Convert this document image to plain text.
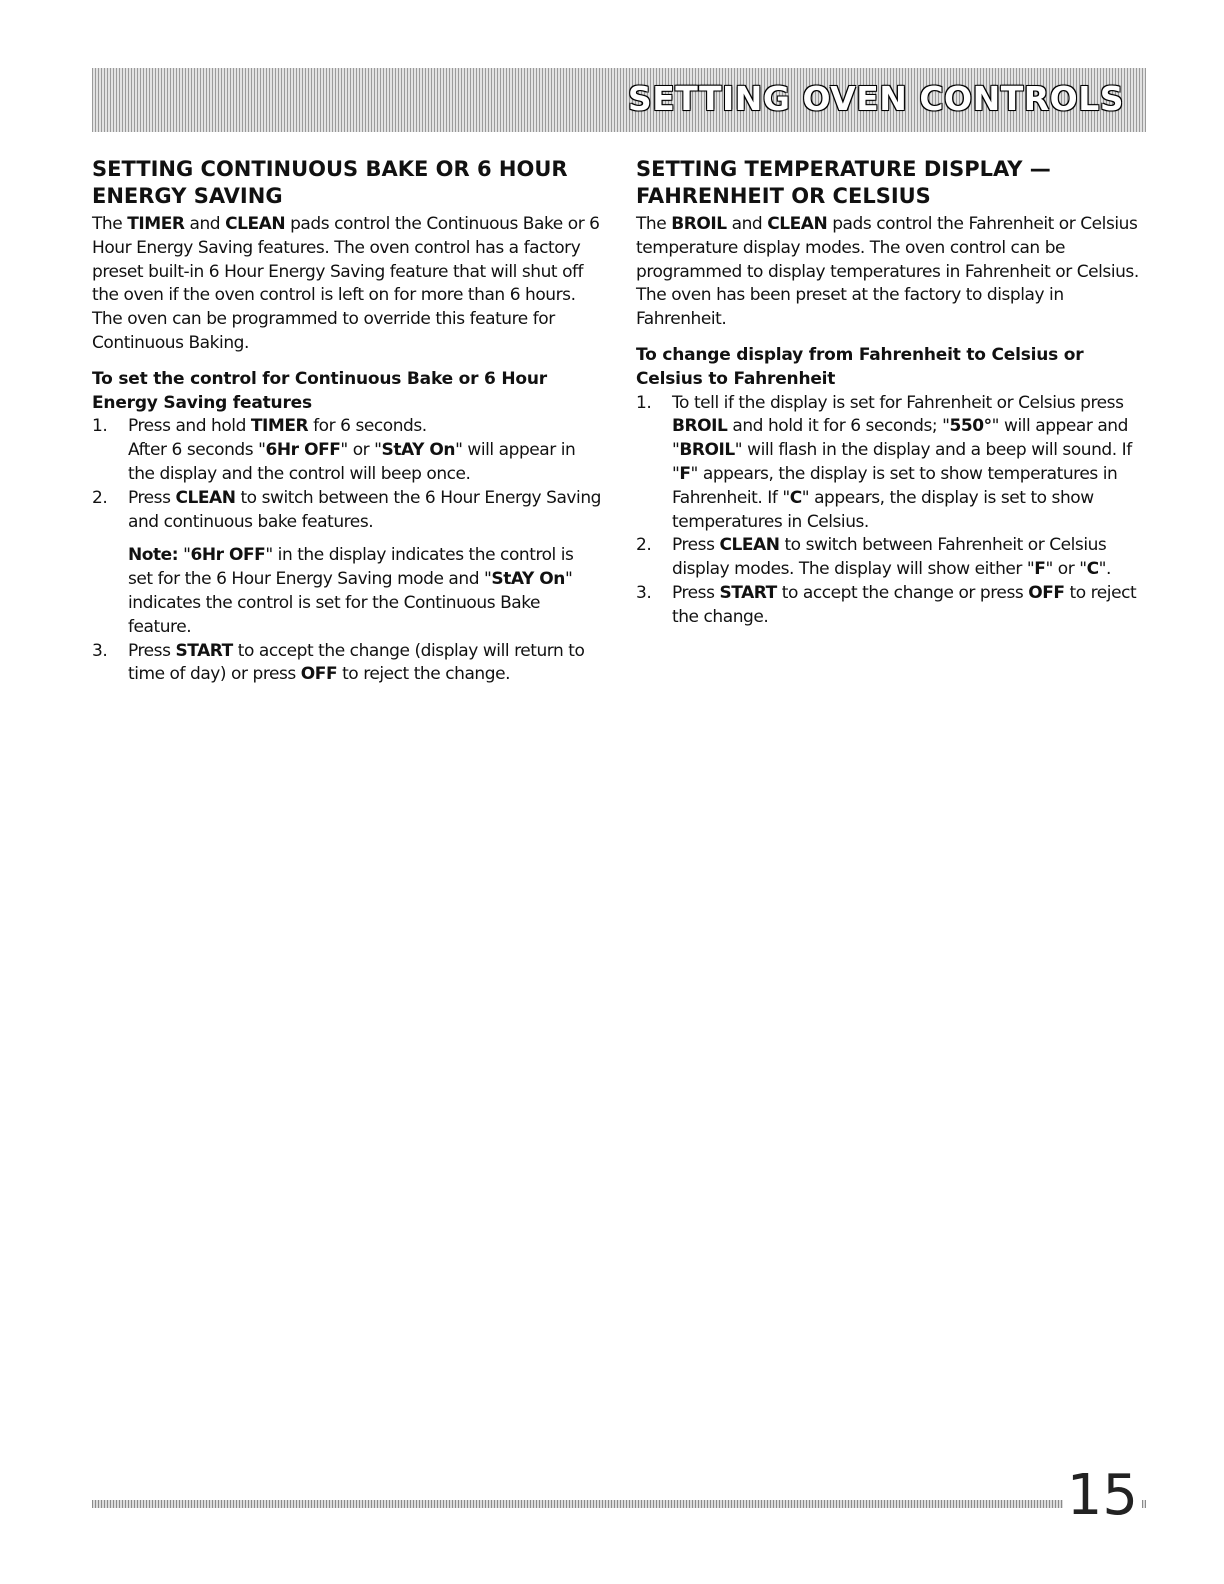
SETTING OVEN CONTROLS
SETTING CONTINUOUS BAKE OR 6 HOUR ENERGY SAVING

The TIMER and CLEAN pads control the Continuous Bake or 6 Hour Energy Saving features. The oven control has a factory preset built-in 6 Hour Energy Saving feature that will shut off the oven if the oven control is left on for more than 6 hours. The oven can be programmed to override this feature for Continuous Baking.

To set the control for Continuous Bake or 6 Hour Energy Saving features

1. Press and hold TIMER for 6 seconds.
After 6 seconds "6Hr OFF" or "StAY On" will appear in the display and the control will beep once.
2. Press CLEAN to switch between the 6 Hour Energy Saving and continuous bake features.
Note: "6Hr OFF" in the display indicates the control is set for the 6 Hour Energy Saving mode and "StAY On" indicates the control is set for the Continuous Bake feature.
3. Press START to accept the change (display will return to time of day) or press OFF to reject the change.
SETTING TEMPERATURE DISPLAY — FAHRENHEIT OR CELSIUS

The BROIL and CLEAN pads control the Fahrenheit or Celsius temperature display modes. The oven control can be programmed to display temperatures in Fahrenheit or Celsius. The oven has been preset at the factory to display in Fahrenheit.

To change display from Fahrenheit to Celsius or Celsius to Fahrenheit

1. To tell if the display is set for Fahrenheit or Celsius press BROIL and hold it for 6 seconds; "550°" will appear and "BROIL" will flash in the display and a beep will sound. If "F" appears, the display is set to show temperatures in Fahrenheit. If "C" appears, the display is set to show temperatures in Celsius.
2. Press CLEAN to switch between Fahrenheit or Celsius display modes. The display will show either "F" or "C".
3. Press START to accept the change or press OFF to reject the change.
15
